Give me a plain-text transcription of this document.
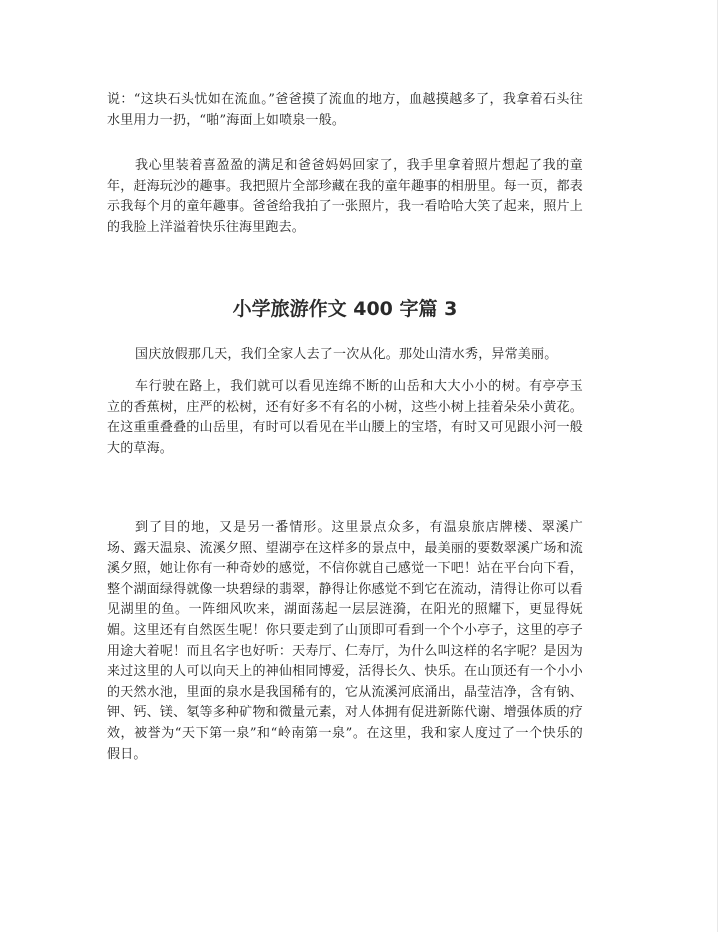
说：“这块石头忧如在流血。”爸爸摸了流血的地方，血越摸越多了，我拿着石头往水里用力一扔，“啪”海面上如喷泉一般。

我心里装着喜盈盈的满足和爸爸妈妈回家了，我手里拿着照片想起了我的童年，赶海玩沙的趣事。我把照片全部珍藏在我的童年趣事的相册里。每一页，都表示我每个月的童年趣事。爸爸给我拍了一张照片，我一看哈哈大笑了起来，照片上的我脸上洋溢着快乐往海里跑去。

小学旅游作文 400 字篇 3

国庆放假那几天，我们全家人去了一次从化。那处山清水秀，异常美丽。

车行驶在路上，我们就可以看见连绵不断的山岳和大大小小的树。有亭亭玉立的香蕉树，庄严的松树，还有好多不有名的小树，这些小树上挂着朵朵小黄花。在这重重叠叠的山岳里，有时可以看见在半山腰上的宝塔，有时又可见跟小河一般大的草海。

到了目的地，又是另一番情形。这里景点众多，有温泉旅店牌楼、翠溪广场、露天温泉、流溪夕照、望湖亭在这样多的景点中，最美丽的要数翠溪广场和流溪夕照，她让你有一种奇妙的感觉，不信你就自己感觉一下吧！站在平台向下看，整个湖面绿得就像一块碧绿的翡翠，静得让你感觉不到它在流动，清得让你可以看见湖里的鱼。一阵细风吹来，湖面荡起一层层涟漪，在阳光的照耀下，更显得妩媚。这里还有自然医生呢！你只要走到了山顶即可看到一个个小亭子，这里的亭子用途大着呢！而且名字也好听：天寿厅、仁寿厅，为什么叫这样的名字呢？是因为来过这里的人可以向天上的神仙相同博爱，活得长久、快乐。在山顶还有一个小小的天然水池，里面的泉水是我国稀有的，它从流溪河底涌出，晶莹洁净，含有钠、钾、钙、镁、氡等多种矿物和微量元素，对人体拥有促进新陈代谢、增强体质的疗效，被誉为“天下第一泉”和“岭南第一泉”。在这里，我和家人度过了一个快乐的假日。
